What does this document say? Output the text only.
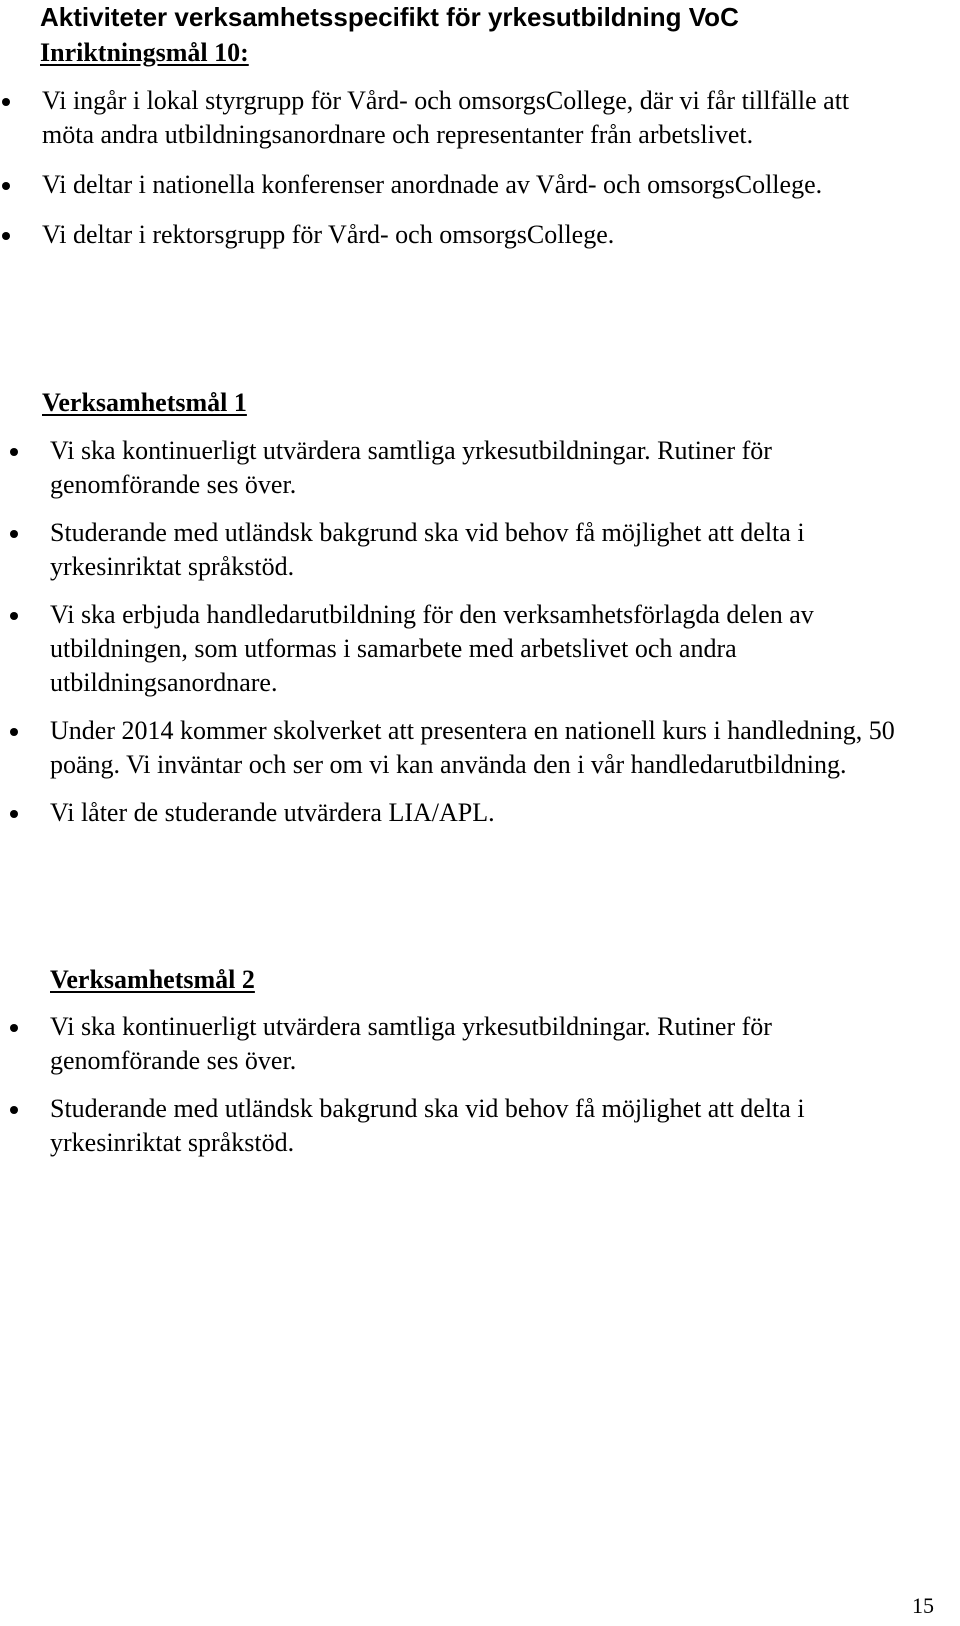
Aktiviteter verksamhetsspecifikt för yrkesutbildning VoC
Inriktningsmål 10:
Vi ingår i lokal styrgrupp för Vård- och omsorgsCollege, där vi får tillfälle att möta andra utbildningsanordnare och representanter från arbetslivet.
Vi deltar i nationella konferenser anordnade av Vård- och omsorgsCollege.
Vi deltar i rektorsgrupp för Vård- och omsorgsCollege.
Verksamhetsmål 1
Vi ska kontinuerligt utvärdera samtliga yrkesutbildningar. Rutiner för genomförande ses över.
Studerande med utländsk bakgrund ska vid behov få möjlighet att delta i yrkesinriktat språkstöd.
Vi ska erbjuda handledarutbildning för den verksamhetsförlagda delen av utbildningen, som utformas i samarbete med arbetslivet och andra utbildningsanordnare.
Under 2014 kommer skolverket att presentera en nationell kurs i handledning, 50 poäng. Vi inväntar och ser om vi kan använda den i vår handledarutbildning.
Vi låter de studerande utvärdera LIA/APL.
Verksamhetsmål 2
Vi ska kontinuerligt utvärdera samtliga yrkesutbildningar. Rutiner för genomförande ses över.
Studerande med utländsk bakgrund ska vid behov få möjlighet att delta i yrkesinriktat språkstöd.
15
